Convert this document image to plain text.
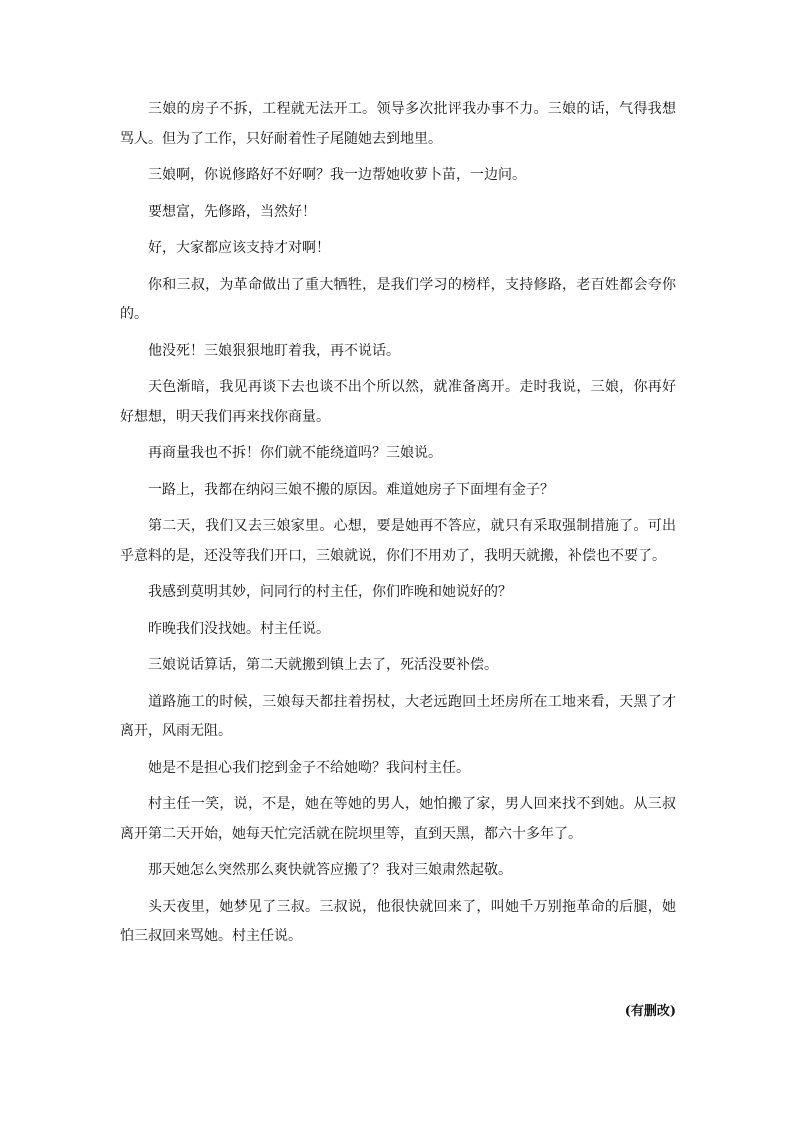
三娘的房子不拆，工程就无法开工。领导多次批评我办事不力。三娘的话，气得我想骂人。但为了工作，只好耐着性子尾随她去到地里。

三娘啊，你说修路好不好啊？我一边帮她收萝卜苗，一边问。

要想富，先修路，当然好！

好，大家都应该支持才对啊！

你和三叔，为革命做出了重大牺牲，是我们学习的榜样，支持修路，老百姓都会夸你的。

他没死！三娘狠狠地盯着我，再不说话。

天色渐暗，我见再谈下去也谈不出个所以然，就准备离开。走时我说，三娘，你再好好想想，明天我们再来找你商量。

再商量我也不拆！你们就不能绕道吗？三娘说。

一路上，我都在纳闷三娘不搬的原因。难道她房子下面埋有金子？

第二天，我们又去三娘家里。心想，要是她再不答应，就只有采取强制措施了。可出乎意料的是，还没等我们开口，三娘就说，你们不用劝了，我明天就搬，补偿也不要了。

我感到莫明其妙，问同行的村主任，你们昨晚和她说好的？

昨晚我们没找她。村主任说。

三娘说话算话，第二天就搬到镇上去了，死活没要补偿。

道路施工的时候，三娘每天都拄着拐杖，大老远跑回土坯房所在工地来看，天黑了才离开，风雨无阻。

她是不是担心我们挖到金子不给她呦？我问村主任。

村主任一笑，说，不是，她在等她的男人，她怕搬了家，男人回来找不到她。从三叔离开第二天开始，她每天忙完活就在院坝里等，直到天黑，都六十多年了。

那天她怎么突然那么爽快就答应搬了？我对三娘肃然起敬。

头天夜里，她梦见了三叔。三叔说，他很快就回来了，叫她千万别拖革命的后腿，她怕三叔回来骂她。村主任说。

(有删改)
